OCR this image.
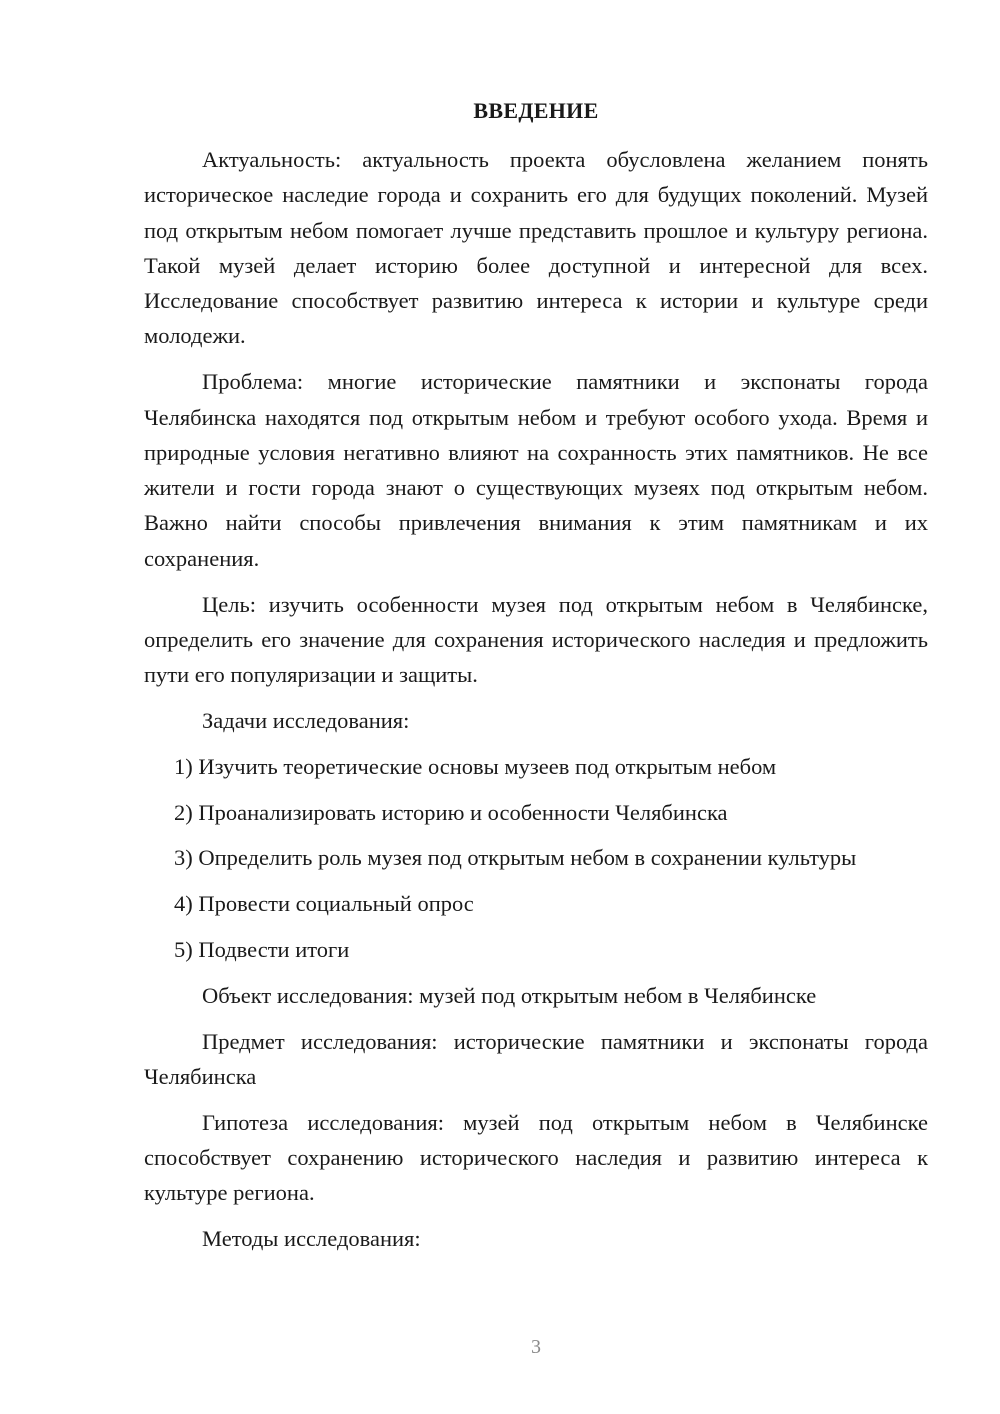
ВВЕДЕНИЕ

Актуальность: актуальность проекта обусловлена желанием понять историческое наследие города и сохранить его для будущих поколений. Музей под открытым небом помогает лучше представить прошлое и культуру региона. Такой музей делает историю более доступной и интересной для всех. Исследование способствует развитию интереса к истории и культуре среди молодежи.

Проблема: многие исторические памятники и экспонаты города Челябинска находятся под открытым небом и требуют особого ухода. Время и природные условия негативно влияют на сохранность этих памятников. Не все жители и гости города знают о существующих музеях под открытым небом. Важно найти способы привлечения внимания к этим памятникам и их сохранения.

Цель: изучить особенности музея под открытым небом в Челябинске, определить его значение для сохранения исторического наследия и предложить пути его популяризации и защиты.

Задачи исследования:

1) Изучить теоретические основы музеев под открытым небом

2) Проанализировать историю и особенности Челябинска

3) Определить роль музея под открытым небом в сохранении культуры

4) Провести социальный опрос

5) Подвести итоги

Объект исследования: музей под открытым небом в Челябинске

Предмет исследования: исторические памятники и экспонаты города Челябинска

Гипотеза исследования: музей под открытым небом в Челябинске способствует сохранению исторического наследия и развитию интереса к культуре региона.

Методы исследования:

3
